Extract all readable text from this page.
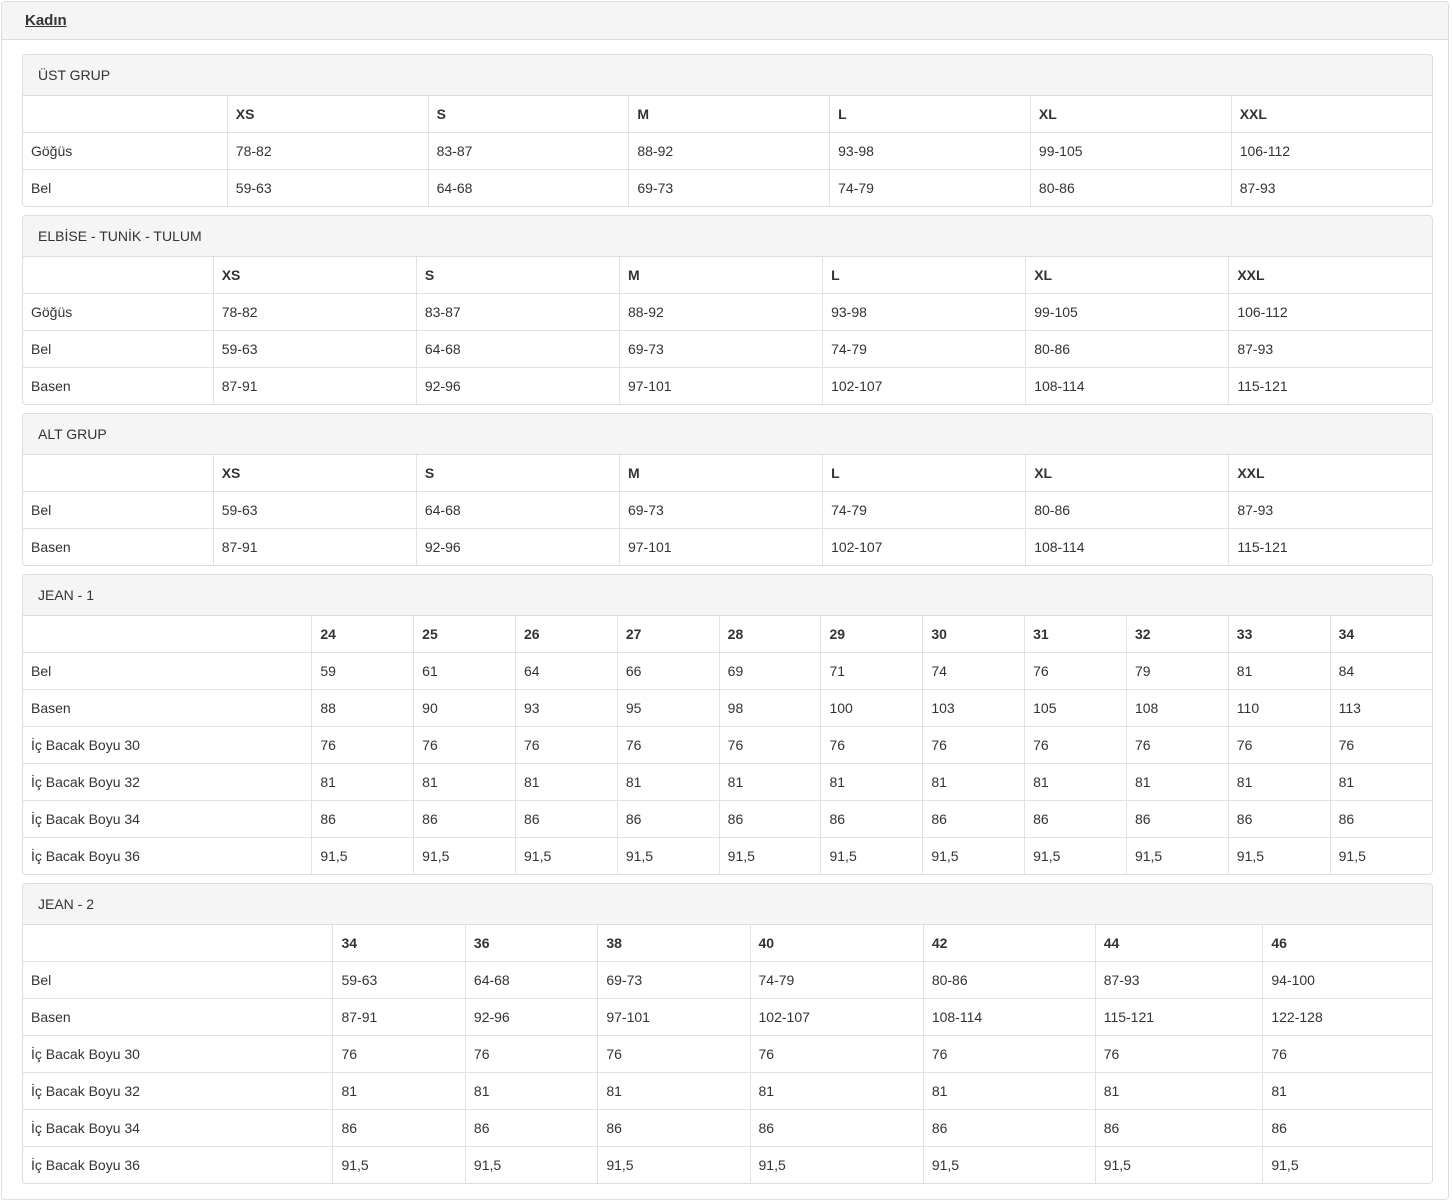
Kadın
ÜST GRUP
	XS	S	M	L	XL	XXL
Göğüs	78-82	83-87	88-92	93-98	99-105	106-112
Bel	59-63	64-68	69-73	74-79	80-86	87-93
ELBİSE - TUNİK - TULUM
	XS	S	M	L	XL	XXL
Göğüs	78-82	83-87	88-92	93-98	99-105	106-112
Bel	59-63	64-68	69-73	74-79	80-86	87-93
Basen	87-91	92-96	97-101	102-107	108-114	115-121
ALT GRUP
	XS	S	M	L	XL	XXL
Bel	59-63	64-68	69-73	74-79	80-86	87-93
Basen	87-91	92-96	97-101	102-107	108-114	115-121
JEAN - 1
	24	25	26	27	28	29	30	31	32	33	34
Bel	59	61	64	66	69	71	74	76	79	81	84
Basen	88	90	93	95	98	100	103	105	108	110	113
İç Bacak Boyu 30	76	76	76	76	76	76	76	76	76	76	76
İç Bacak Boyu 32	81	81	81	81	81	81	81	81	81	81	81
İç Bacak Boyu 34	86	86	86	86	86	86	86	86	86	86	86
İç Bacak Boyu 36	91,5	91,5	91,5	91,5	91,5	91,5	91,5	91,5	91,5	91,5	91,5
JEAN - 2
	34	36	38	40	42	44	46
Bel	59-63	64-68	69-73	74-79	80-86	87-93	94-100
Basen	87-91	92-96	97-101	102-107	108-114	115-121	122-128
İç Bacak Boyu 30	76	76	76	76	76	76	76
İç Bacak Boyu 32	81	81	81	81	81	81	81
İç Bacak Boyu 34	86	86	86	86	86	86	86
İç Bacak Boyu 36	91,5	91,5	91,5	91,5	91,5	91,5	91,5
